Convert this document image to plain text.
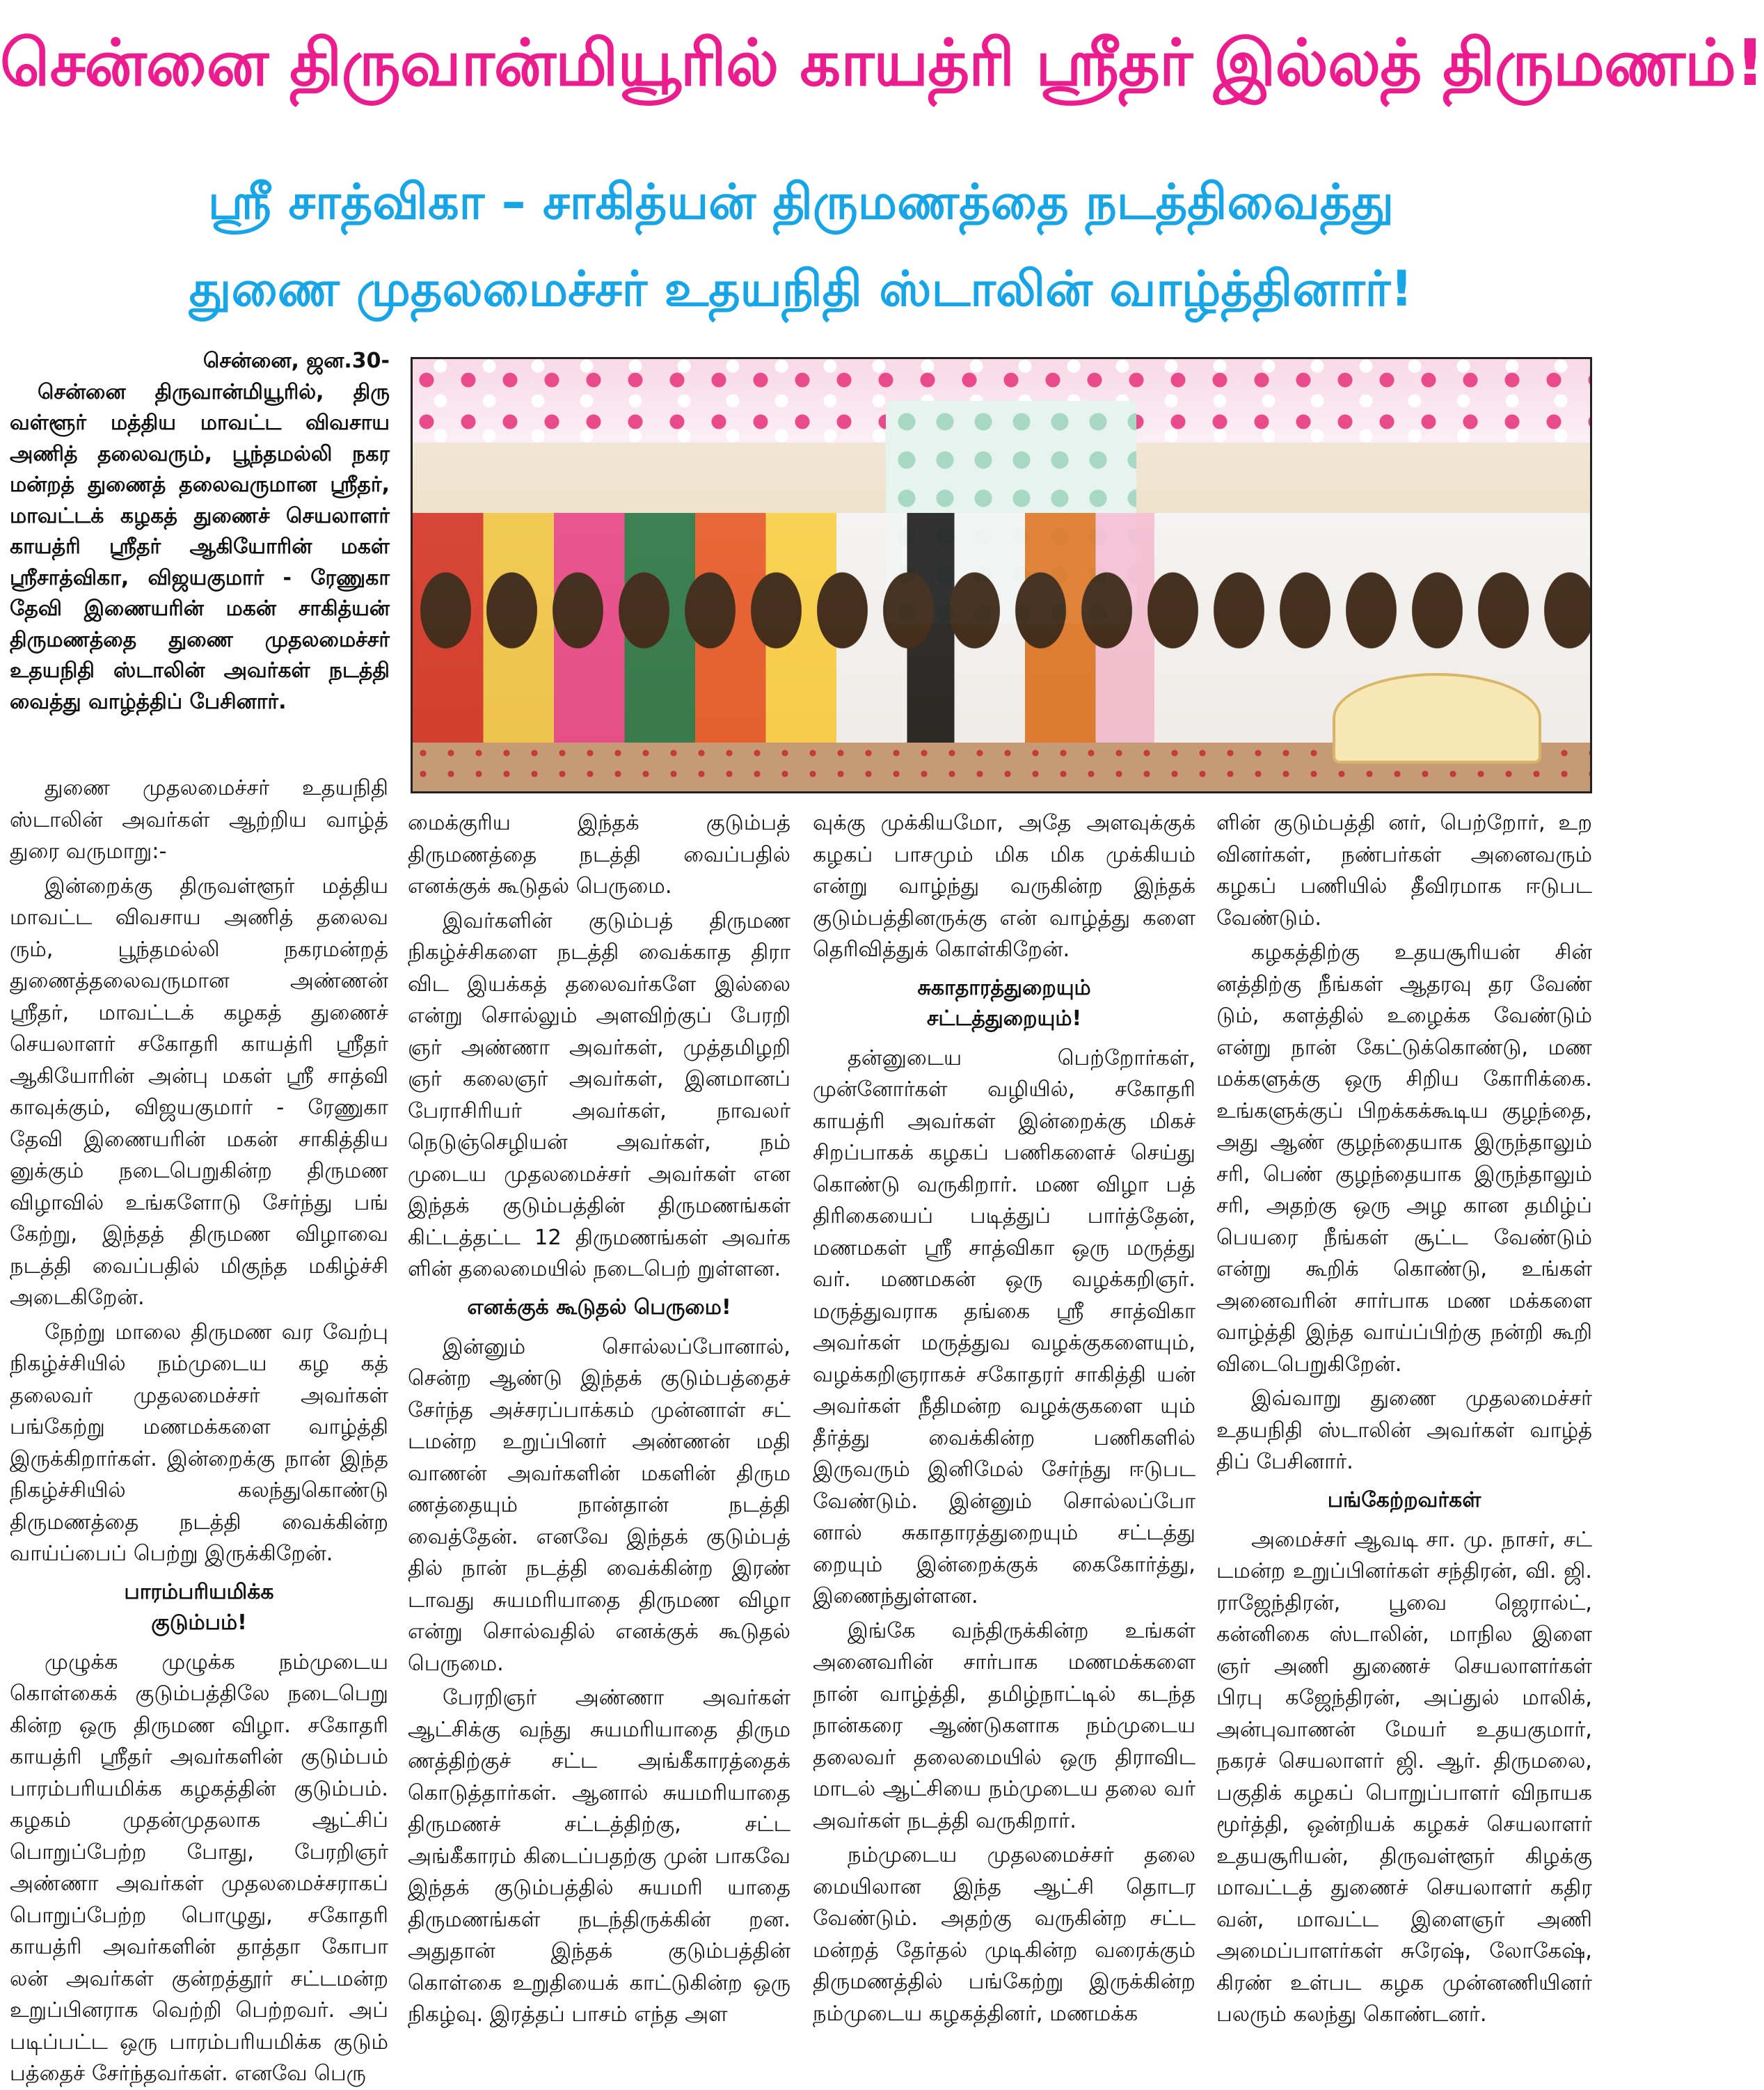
சென்னை திருவான்மியூரில் காயத்ரி ஸ்ரீதர் இல்லத் திருமணம்!
ஸ்ரீ சாத்விகா – சாகித்யன் திருமணத்தை நடத்திவைத்து
துணை முதலமைச்சர் உதயநிதி ஸ்டாலின் வாழ்த்தினார்!
சென்னை, ஜன.30-

சென்னை திருவான்மியூரில், திரு வள்ளூர் மத்திய மாவட்ட விவசாய அணித் தலைவரும், பூந்தமல்லி நகர மன்றத் துணைத் தலைவருமான ஸ்ரீதர், மாவட்டக் கழகத் துணைச் செயலாளர் காயத்ரி ஸ்ரீதர் ஆகியோரின் மகள் ஸ்ரீசாத்விகா, விஜயகுமார் - ரேணுகா தேவி இணையரின் மகன் சாகித்யன் திருமணத்தை துணை முதலமைச்சர் உதயநிதி ஸ்டாலின் அவர்கள் நடத்தி வைத்து வாழ்த்திப் பேசினார்.

துணை முதலமைச்சர் உதயநிதி ஸ்டாலின் அவர்கள் ஆற்றிய வாழ்த் துரை வருமாறு:-

இன்றைக்கு திருவள்ளூர் மத்திய மாவட்ட விவசாய அணித் தலைவ ரும், பூந்தமல்லி நகரமன்றத் துணைத்தலைவருமான அண்ணன் ஸ்ரீதர், மாவட்டக் கழகத் துணைச் செயலாளர் சகோதரி காயத்ரி ஸ்ரீதர் ஆகியோரின் அன்பு மகள் ஸ்ரீ சாத்வி காவுக்கும், விஜயகுமார் - ரேணுகா தேவி இணையரின் மகன் சாகித்திய னுக்கும் நடைபெறுகின்ற திருமண விழாவில் உங்களோடு சேர்ந்து பங் கேற்று, இந்தத் திருமண விழாவை நடத்தி வைப்பதில் மிகுந்த மகிழ்ச்சி அடைகிறேன்.

நேற்று மாலை திருமண வர வேற்பு நிகழ்ச்சியில் நம்முடைய கழ கத் தலைவர் முதலமைச்சர் அவர்கள் பங்கேற்று மணமக்களை வாழ்த்தி இருக்கிறார்கள். இன்றைக்கு நான் இந்த நிகழ்ச்சியில் கலந்துகொண்டு திருமணத்தை நடத்தி வைக்கின்ற வாய்ப்பைப் பெற்று இருக்கிறேன்.

பாரம்பரியமிக்க
குடும்பம்!

முழுக்க முழுக்க நம்முடைய கொள்கைக் குடும்பத்திலே நடைபெறு கின்ற ஒரு திருமண விழா. சகோதரி காயத்ரி ஸ்ரீதர் அவர்களின் குடும்பம் பாரம்பரியமிக்க கழகத்தின் குடும்பம். கழகம் முதன்முதலாக ஆட்சிப் பொறுப்பேற்ற போது, பேரறிஞர் அண்ணா அவர்கள் முதலமைச்சராகப் பொறுப்பேற்ற பொழுது, சகோதரி காயத்ரி அவர்களின் தாத்தா கோபா லன் அவர்கள் குன்றத்தூர் சட்டமன்ற உறுப்பினராக வெற்றி பெற்றவர். அப் படிப்பட்ட ஒரு பாரம்பரியமிக்க குடும் பத்தைச் சேர்ந்தவர்கள். எனவே பெரு

மைக்குரிய இந்தக் குடும்பத் திருமணத்தை நடத்தி வைப்பதில் எனக்குக் கூடுதல் பெருமை.

இவர்களின் குடும்பத் திருமண நிகழ்ச்சிகளை நடத்தி வைக்காத திரா விட இயக்கத் தலைவர்களே இல்லை என்று சொல்லும் அளவிற்குப் பேரறி ஞர் அண்ணா அவர்கள், முத்தமிழறி ஞர் கலைஞர் அவர்கள், இனமானப் பேராசிரியர் அவர்கள், நாவலர் நெடுஞ்செழியன் அவர்கள், நம் முடைய முதலமைச்சர் அவர்கள் என இந்தக் குடும்பத்தின் திருமணங்கள் கிட்டத்தட்ட 12 திருமணங்கள் அவர்க ளின் தலைமையில் நடைபெற் றுள்ளன.

எனக்குக் கூடுதல் பெருமை!

இன்னும் சொல்லப்போனால், சென்ற ஆண்டு இந்தக் குடும்பத்தைச் சேர்ந்த அச்சரப்பாக்கம் முன்னாள் சட் டமன்ற உறுப்பினர் அண்ணன் மதி வாணன் அவர்களின் மகளின் திரும ணத்தையும் நான்தான் நடத்தி வைத்தேன். எனவே இந்தக் குடும்பத் தில் நான் நடத்தி வைக்கின்ற இரண் டாவது சுயமரியாதை திருமண விழா என்று சொல்வதில் எனக்குக் கூடுதல் பெருமை.

பேரறிஞர் அண்ணா அவர்கள் ஆட்சிக்கு வந்து சுயமரியாதை திரும ணத்திற்குச் சட்ட அங்கீகாரத்தைக் கொடுத்தார்கள். ஆனால் சுயமரியாதை திருமணச் சட்டத்திற்கு, சட்ட அங்கீகாரம் கிடைப்பதற்கு முன் பாகவே இந்தக் குடும்பத்தில் சுயமரி யாதை திருமணங்கள் நடந்திருக்கின் றன. அதுதான் இந்தக் குடும்பத்தின் கொள்கை உறுதியைக் காட்டுகின்ற ஒரு நிகழ்வு. இரத்தப் பாசம் எந்த அள

வுக்கு முக்கியமோ, அதே அளவுக்குக் கழகப் பாசமும் மிக மிக முக்கியம் என்று வாழ்ந்து வருகின்ற இந்தக் குடும்பத்தினருக்கு என் வாழ்த்து களை தெரிவித்துக் கொள்கிறேன்.

சுகாதாரத்துறையும்
சட்டத்துறையும்!

தன்னுடைய பெற்றோர்கள், முன்னோர்கள் வழியில், சகோதரி காயத்ரி அவர்கள் இன்றைக்கு மிகச் சிறப்பாகக் கழகப் பணிகளைச் செய்து கொண்டு வருகிறார். மண விழா பத் திரிகையைப் படித்துப் பார்த்தேன், மணமகள் ஸ்ரீ சாத்விகா ஒரு மருத்து வர். மணமகன் ஒரு வழக்கறிஞர். மருத்துவராக தங்கை ஸ்ரீ சாத்விகா அவர்கள் மருத்துவ வழக்குகளையும், வழக்கறிஞராகச் சகோதரர் சாகித்தி யன் அவர்கள் நீதிமன்ற வழக்குகளை யும் தீர்த்து வைக்கின்ற பணிகளில் இருவரும் இனிமேல் சேர்ந்து ஈடுபட வேண்டும். இன்னும் சொல்லப்போ னால் சுகாதாரத்துறையும் சட்டத்து றையும் இன்றைக்குக் கைகோர்த்து, இணைந்துள்ளன.

இங்கே வந்திருக்கின்ற உங்கள் அனைவரின் சார்பாக மணமக்களை நான் வாழ்த்தி, தமிழ்நாட்டில் கடந்த நான்கரை ஆண்டுகளாக நம்முடைய தலைவர் தலைமையில் ஒரு திராவிட மாடல் ஆட்சியை நம்முடைய தலை வர் அவர்கள் நடத்தி வருகிறார்.

நம்முடைய முதலமைச்சர் தலை மையிலான இந்த ஆட்சி தொடர வேண்டும். அதற்கு வருகின்ற சட்ட மன்றத் தேர்தல் முடிகின்ற வரைக்கும் திருமணத்தில் பங்கேற்று இருக்கின்ற நம்முடைய கழகத்தினர், மணமக்க

ளின் குடும்பத்தி னர், பெற்றோர், உற வினர்கள், நண்பர்கள் அனைவரும் கழகப் பணியில் தீவிரமாக ஈடுபட வேண்டும்.

கழகத்திற்கு உதயசூரியன் சின் னத்திற்கு நீங்கள் ஆதரவு தர வேண் டும், களத்தில் உழைக்க வேண்டும் என்று நான் கேட்டுக்கொண்டு, மண மக்களுக்கு ஒரு சிறிய கோரிக்கை. உங்களுக்குப் பிறக்கக்கூடிய குழந்தை, அது ஆண் குழந்தையாக இருந்தாலும் சரி, பெண் குழந்தையாக இருந்தாலும் சரி, அதற்கு ஒரு அழ கான தமிழ்ப் பெயரை நீங்கள் சூட்ட வேண்டும் என்று கூறிக் கொண்டு, உங்கள் அனைவரின் சார்பாக மண மக்களை வாழ்த்தி இந்த வாய்ப்பிற்கு நன்றி கூறி விடைபெறுகிறேன்.

இவ்வாறு துணை முதலமைச்சர் உதயநிதி ஸ்டாலின் அவர்கள் வாழ்த் திப் பேசினார்.

பங்கேற்றவர்கள்

அமைச்சர் ஆவடி சா. மு. நாசர், சட் டமன்ற உறுப்பினர்கள் சந்திரன், வி. ஜி. ராஜேந்திரன், பூவை ஜெரால்ட், கன்னிகை ஸ்டாலின், மாநில இளை ஞர் அணி துணைச் செயலாளர்கள் பிரபு கஜேந்திரன், அப்துல் மாலிக், அன்புவாணன் மேயர் உதயகுமார், நகரச் செயலாளர் ஜி. ஆர். திருமலை, பகுதிக் கழகப் பொறுப்பாளர் விநாயக மூர்த்தி, ஒன்றியக் கழகச் செயலாளர் உதயசூரியன், திருவள்ளூர் கிழக்கு மாவட்டத் துணைச் செயலாளர் கதிர வன், மாவட்ட இளைஞர் அணி அமைப்பாளர்கள் சுரேஷ், லோகேஷ், கிரண் உள்பட கழக முன்னணியினர் பலரும் கலந்து கொண்டனர்.
